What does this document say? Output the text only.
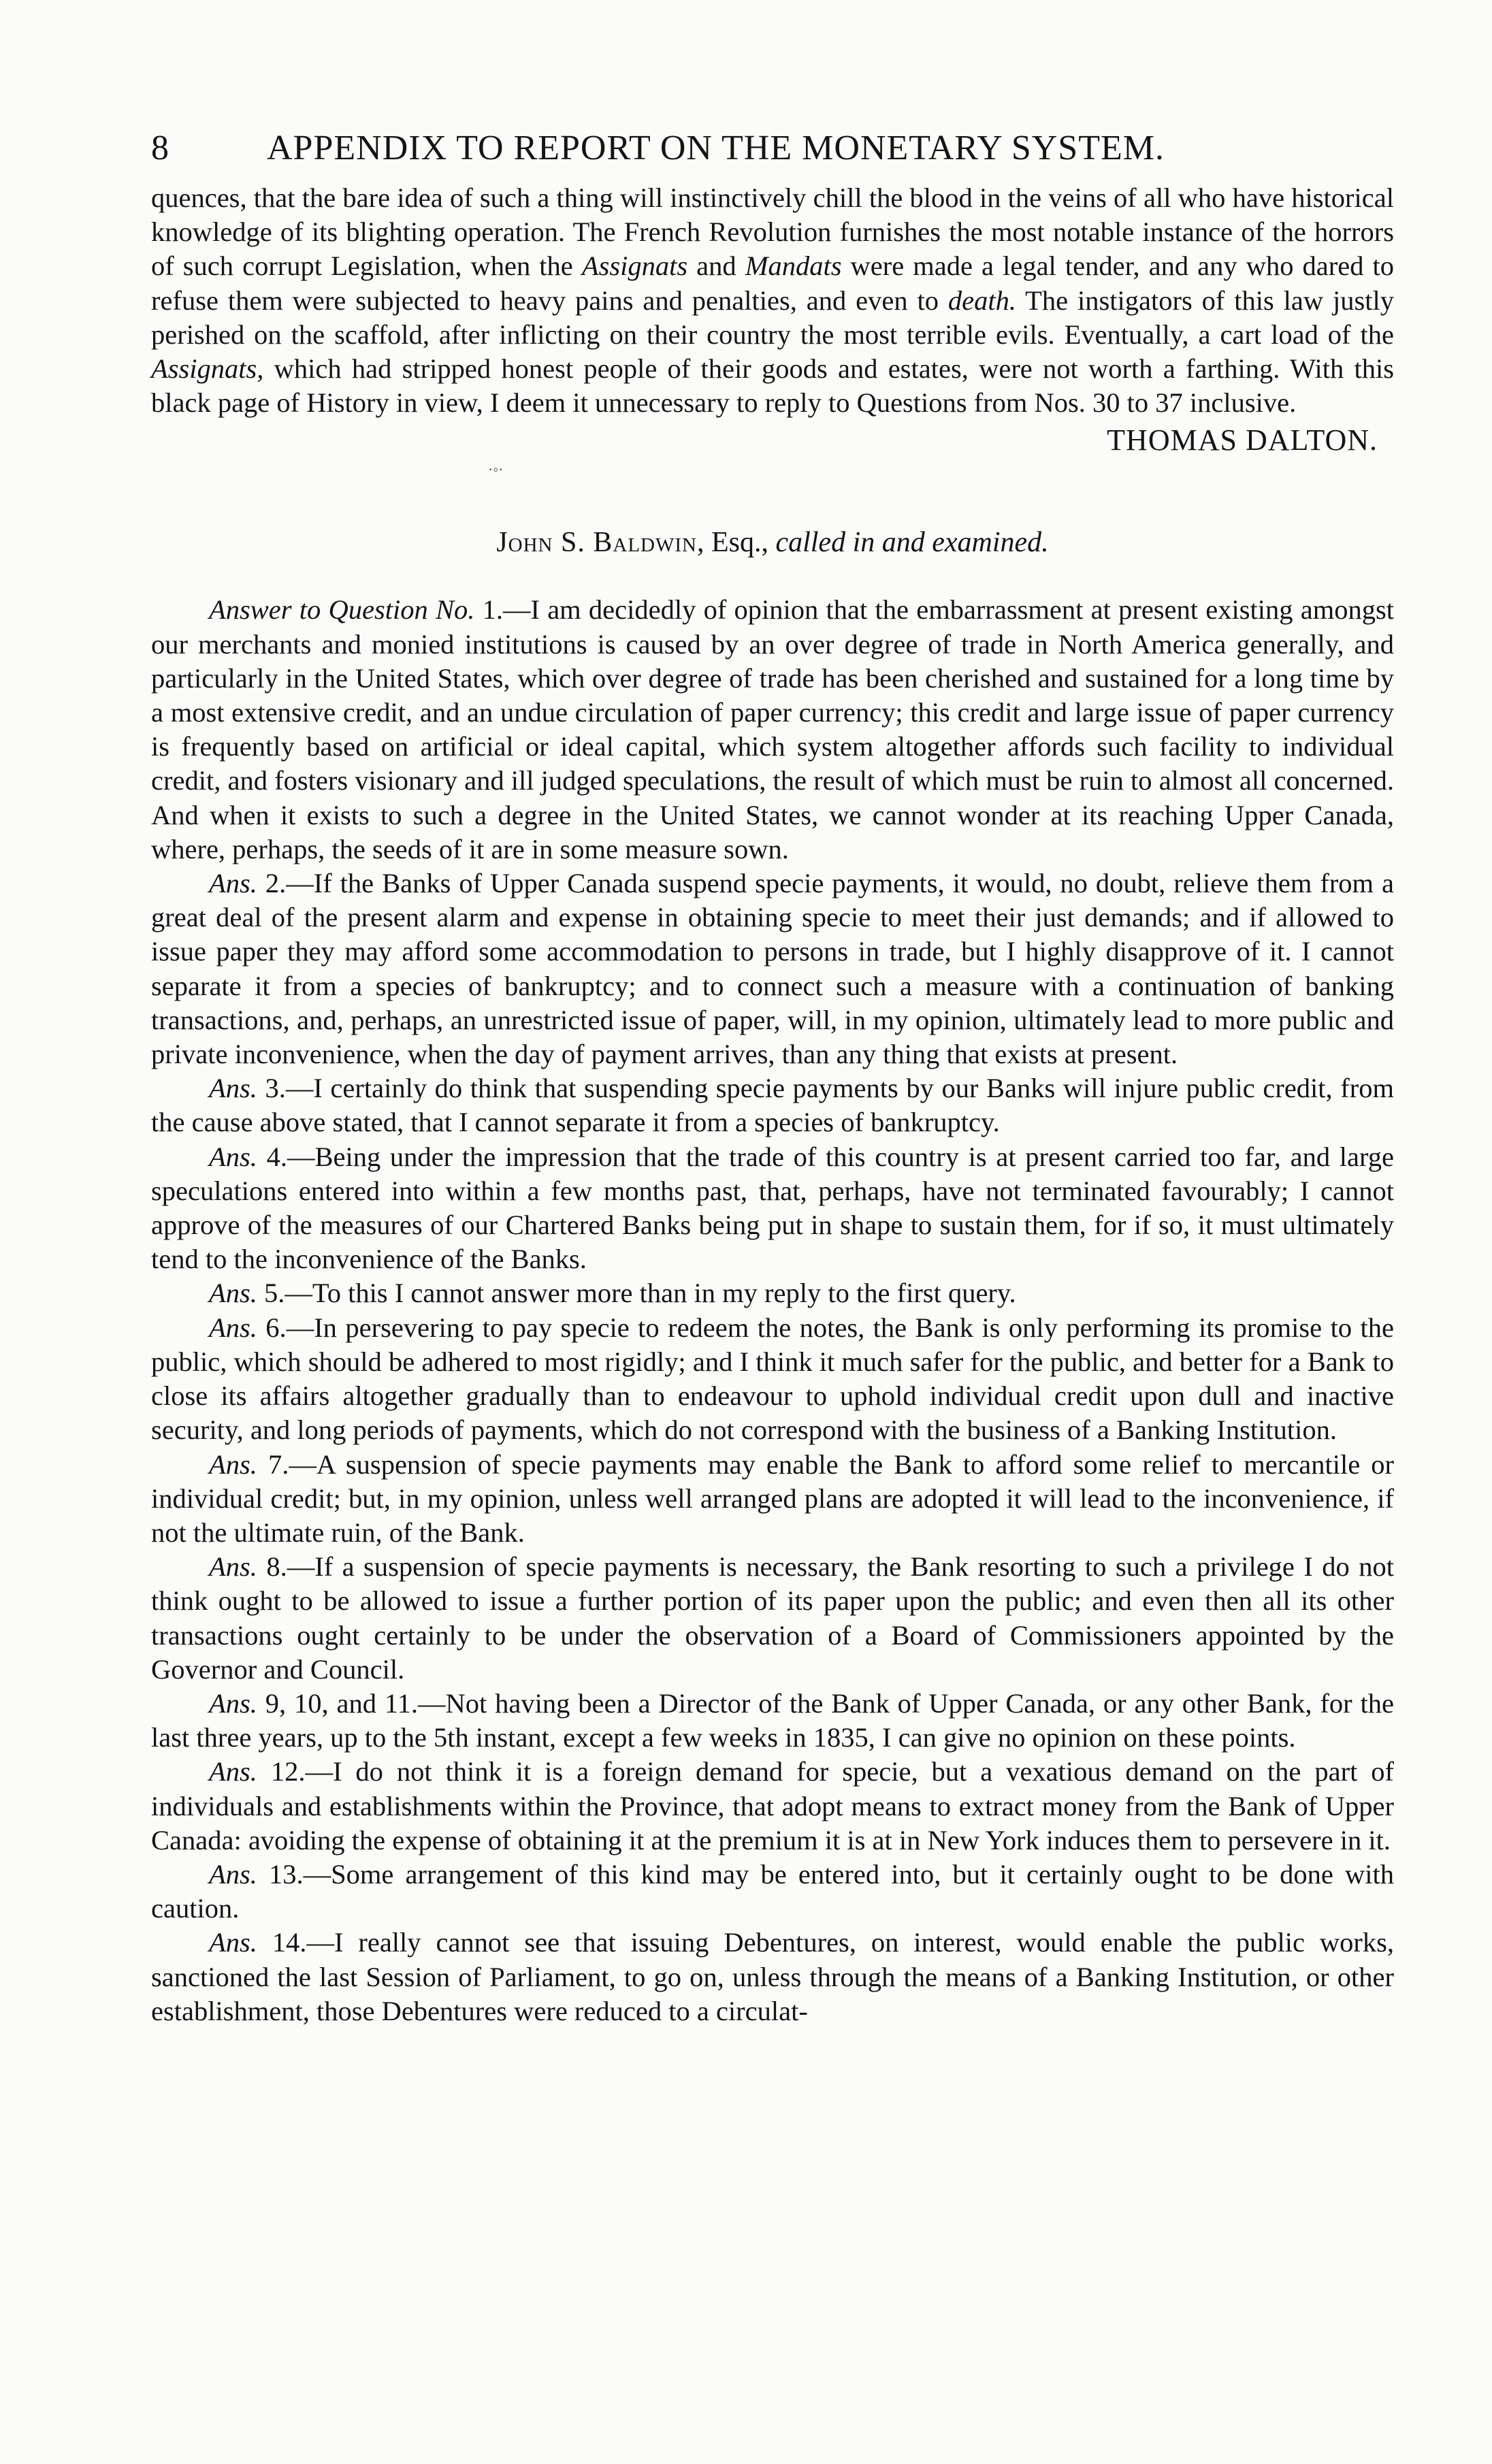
8	APPENDIX TO REPORT ON THE MONETARY SYSTEM.

quences, that the bare idea of such a thing will instinctively chill the blood in the veins of all who have historical knowledge of its blighting operation. The French Revolution furnishes the most notable instance of the horrors of such corrupt Legislation, when the Assignats and Mandats were made a legal tender, and any who dared to refuse them were subjected to heavy pains and penalties, and even to death. The instigators of this law justly perished on the scaffold, after inflicting on their country the most terrible evils. Eventually, a cart load of the Assignats, which had stripped honest people of their goods and estates, were not worth a farthing. With this black page of History in view, I deem it unnecessary to reply to Questions from Nos. 30 to 37 inclusive.

THOMAS DALTON.

·◦·

John S. Baldwin, Esq., called in and examined.

Answer to Question No. 1.—I am decidedly of opinion that the embarrassment at present existing amongst our merchants and monied institutions is caused by an over degree of trade in North America generally, and particularly in the United States, which over degree of trade has been cherished and sustained for a long time by a most extensive credit, and an undue circulation of paper currency; this credit and large issue of paper currency is frequently based on artificial or ideal capital, which system altogether affords such facility to individual credit, and fosters visionary and ill judged speculations, the result of which must be ruin to almost all concerned. And when it exists to such a degree in the United States, we cannot wonder at its reaching Upper Canada, where, perhaps, the seeds of it are in some measure sown.

Ans. 2.—If the Banks of Upper Canada suspend specie payments, it would, no doubt, relieve them from a great deal of the present alarm and expense in obtaining specie to meet their just demands; and if allowed to issue paper they may afford some accommodation to persons in trade, but I highly disapprove of it. I cannot separate it from a species of bankruptcy; and to connect such a measure with a continuation of banking transactions, and, perhaps, an unrestricted issue of paper, will, in my opinion, ultimately lead to more public and private inconvenience, when the day of payment arrives, than any thing that exists at present.

Ans. 3.—I certainly do think that suspending specie payments by our Banks will injure public credit, from the cause above stated, that I cannot separate it from a species of bankruptcy.

Ans. 4.—Being under the impression that the trade of this country is at present carried too far, and large speculations entered into within a few months past, that, perhaps, have not terminated favourably; I cannot approve of the measures of our Chartered Banks being put in shape to sustain them, for if so, it must ultimately tend to the inconvenience of the Banks.

Ans. 5.—To this I cannot answer more than in my reply to the first query.

Ans. 6.—In persevering to pay specie to redeem the notes, the Bank is only performing its promise to the public, which should be adhered to most rigidly; and I think it much safer for the public, and better for a Bank to close its affairs altogether gradually than to endeavour to uphold individual credit upon dull and inactive security, and long periods of payments, which do not correspond with the business of a Banking Institution.

Ans. 7.—A suspension of specie payments may enable the Bank to afford some relief to mercantile or individual credit; but, in my opinion, unless well arranged plans are adopted it will lead to the inconvenience, if not the ultimate ruin, of the Bank.

Ans. 8.—If a suspension of specie payments is necessary, the Bank resorting to such a privilege I do not think ought to be allowed to issue a further portion of its paper upon the public; and even then all its other transactions ought certainly to be under the observation of a Board of Commissioners appointed by the Governor and Council.

Ans. 9, 10, and 11.—Not having been a Director of the Bank of Upper Canada, or any other Bank, for the last three years, up to the 5th instant, except a few weeks in 1835, I can give no opinion on these points.

Ans. 12.—I do not think it is a foreign demand for specie, but a vexatious demand on the part of individuals and establishments within the Province, that adopt means to extract money from the Bank of Upper Canada: avoiding the expense of obtaining it at the premium it is at in New York induces them to persevere in it.

Ans. 13.—Some arrangement of this kind may be entered into, but it certainly ought to be done with caution.

Ans. 14.—I really cannot see that issuing Debentures, on interest, would enable the public works, sanctioned the last Session of Parliament, to go on, unless through the means of a Banking Institution, or other establishment, those Debentures were reduced to a circulat-
